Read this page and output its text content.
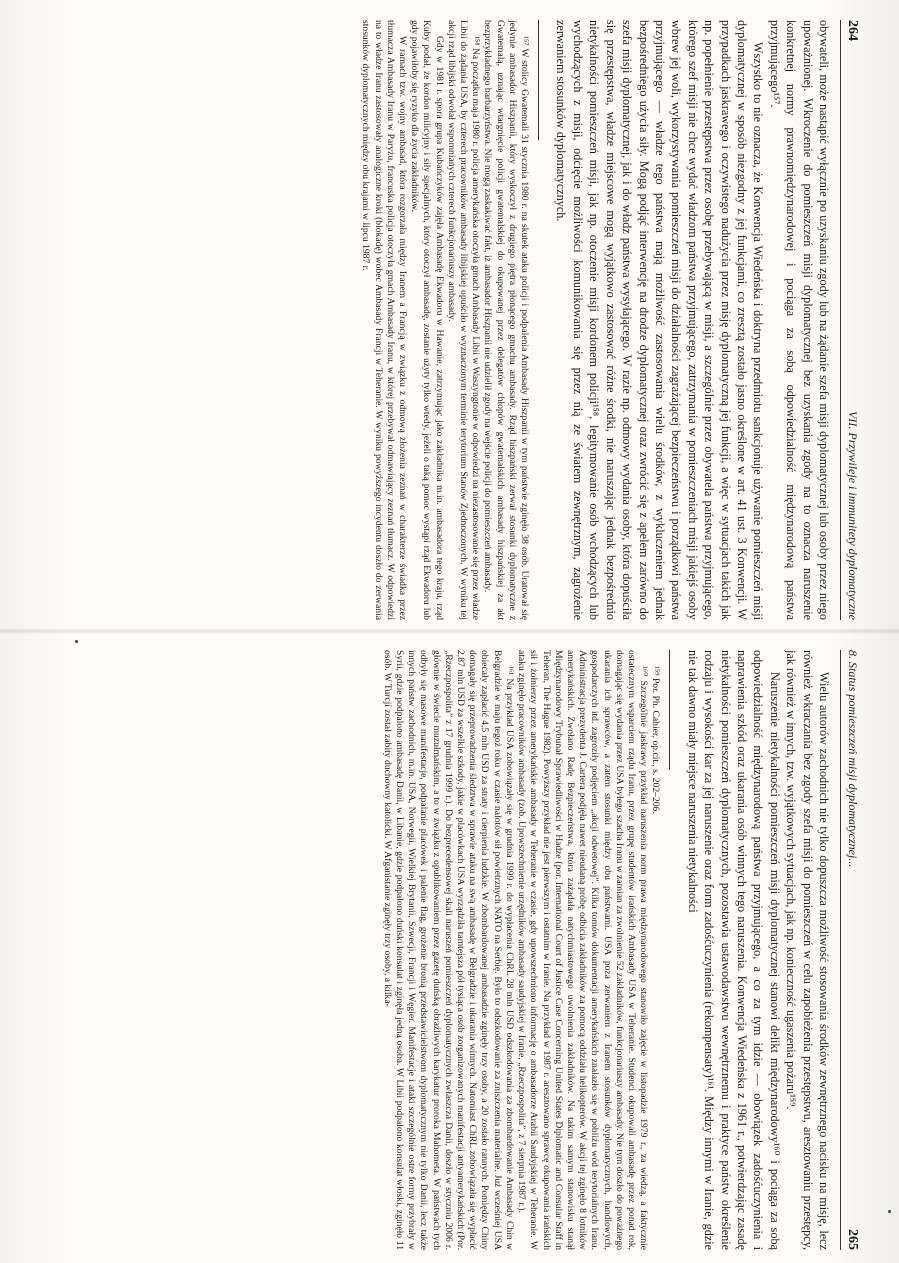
264
VII. Przywileje i immunitety dyplomatyczne

obywateli, może nastąpić wyłącznie po uzyskaniu zgody lub na żądanie szefa misji dyplomatycznej lub osoby przez niego upoważnionej. Wkroczenie do pomieszczeń misji dyplomatycznej bez uzyskania zgody na to oznacza naruszenie konkretnej normy prawnomiędzynarodowej i pociąga za sobą odpowiedzialność międzynarodową państwa przyjmującego¹⁵⁷.

Wszystko to nie oznacza, że Konwencja Wiedeńska i doktryna przedmiotu sankcjonuje używanie pomieszczeń misji dyplomatycznej w sposób niezgodny z jej funkcjami, co zresztą zostało jasno określone w art. 41 ust. 3 Konwencji. W przypadkach jaskrawego i oczywistego nadużycia przez misję dyplomatyczną jej funkcji, a więc w sytuacjach takich jak np. popełnienie przestępstwa przez osobę przebywającą w misji, a szczególnie przez obywatela państwa przyjmującego, którego szef misji nie chce wydać władzom państwa przyjmującego, zatrzymania w pomieszczeniach misji jakiejś osoby wbrew jej woli, wykorzystywania pomieszczeń misji do działalności zagrażającej bezpieczeństwu i porządkowi państwa przyjmującego — władze tego państwa mają możliwość zastosowania wielu środków, z wykluczeniem jednak bezpośredniego użycia siły. Mogą podjąć interwencję na drodze dyplomatycznej oraz zwrócić się z apelem zarówno do szefa misji dyplomatycznej, jak i do władz państwa wysyłającego. W razie np. odmowy wydania osoby, która dopuściła się przestępstwa, władze miejscowe mogą wyjątkowo zastosować różne środki, nie naruszając jednak bezpośrednio nietykalności pomieszczeń misji, jak np. otoczenie misji kordonem policji¹⁵⁸, legitymowanie osób wchodzących lub wychodzących z misji, odcięcie możliwości komunikowania się przez nią ze światem zewnętrznym, zagrożenie zerwaniem stosunków dyplomatycznych.

¹⁵⁷ W stolicy Gwatemali 31 stycznia 1980 r. na skutek ataku policji i podpalenia Ambasady Hiszpanii w tym państwie zginęło 38 osób. Uratował się jedynie ambasador Hiszpanii, który wyskoczył z drugiego piętra płonącego gmachu ambasady. Rząd hiszpański zerwał stosunki dyplomatyczne z Gwatemalą, uznając wtargnięcie policji gwatemalskiej do okupowanej przez delegatów chłopów gwatemalskich ambasady hiszpańskiej za akt bezprzykładnego barbarzyństwa. Nie mogą zaskakiwać fakt, iż ambasador Hiszpanii nie udzielił zgody na wejście policji do pomieszczeń ambasady.

¹⁵⁸ Na początku maja 1980 r. policja amerykańska otoczyła gmach Ambasady Libii w Waszyngtonie w odpowiedzi na niezastosowanie się przez władze Libii do żądania USA, by czterech pracowników ambasady libijskiej opuściło w wyznaczonym terminie terytorium Stanów Zjednoczonych. W wyniku tej akcji rząd libijski odwołał wspomnianych czterech funkcjonariuszy ambasady.

Gdy w 1981 r. spora grupa Kubańczyków zajęła Ambasadę Ekwadoru w Hawanie, zatrzymując jako zakładnika m.in. ambasadora tego kraju, rząd Kuby podał, że kordon milicyjny i siły specjalnych, który otoczył ambasadę, zostanie użyty tylko wtedy, jeżeli o taką pomoc wystąpi rząd Ekwadoru lub gdy pojawiłoby się ryzyko dla życia zakładników.

W ramach tzw. wojny ambasad, która rozgorzała między Iranem a Francją w związku z odmową złożenia zeznań w charakterze świadka przez tłumacza Ambasady Iranu w Paryżu, francuska policja otoczyła gmach Ambasady Iranu, w której przebywał odmawiający zeznań tłumacz. W odpowiedzi na to władze Iranu zastosowały analogiczne kroki (blokadę) wobec Ambasady Francji w Teheranie. W wyniku powyższego incydentu doszło do zerwania stosunków dyplomatycznych między obu krajami w lipcu 1987 r.

8. Status pomieszczeń misji dyplomatycznej...
265

Wielu autorów zachodnich nie tylko dopuszcza możliwość stosowania środków zewnętrznego nacisku na misję, lecz również wkraczania bez zgody szefa misji do pomieszczeń w celu zapobieżenia przestępstwu, aresztowaniu przestępcy, jak również w innych, tzw. wyjątkowych sytuacjach, jak np. konieczność ugaszenia pożaru¹⁵⁹.

Naruszenie nietykalności pomieszczeń misji dyplomatycznej stanowi delikt międzynarodowy¹⁶⁰ i pociąga za sobą odpowiedzialność międzynarodową państwa przyjmującego, a co za tym idzie — obowiązek zadośćuczynienia i naprawienia szkód oraz ukarania osób winnych tego naruszenia. Konwencja Wiedeńska z 1961 r., potwierdzając zasadę nietykalności pomieszczeń dyplomatycznych, pozostawia ustawodawstwu wewnętrznemu i praktyce państw określenie rodzaju i wysokości kar za jej naruszenie oraz form zadośćuczynienia (rekompensaty)¹⁶¹. Między innymi w Iranie, gdzie nie tak dawno miały miejsce naruszenia nietykalności

¹⁵⁹ Por. Ph. Cahier, op.cit., s. 202–206.

¹⁶⁰ Szczególnie jaskrawy przykład naruszenia norm prawa międzynarodowego stanowiło zajęcie w listopadzie 1979 r., za wiedzą, a faktycznie ostatecznym wsparciem rządu Iranu, przez grupę studentów irańskich Ambasady USA w Teheranie. Studenci okupowali ambasadę przez ponad rok, domagając się wydania przez USA byłego szacha Iranu w zamian za zwolnienie 52 zakładników, funkcjonariuszy ambasady. Nie tym doszło do poważnego ukarania ich sprawców, a zatem stosunki między obu państwami. USA poza zerwaniem z Iranem stosunków dyplomatycznych, handlowych, gospodarczych itd. zagroziły podjęciem „akcji odwetowej”. Kilka tomów dokumentacji amerykańskich znalazło się w pobliżu wód terytorialnych Iranu. Administracja prezydenta J. Cartera podjęła nawet nieudaną próbę odbicia zakładników za pomocą oddziału helikopterów. W akcji tej zginęło 8 lotników amerykańskich. Zwołano Radę Bezpieczeństwa, która zażądała natychmiastowego uwolnienia zakładników. Na takim samym stanowisku stanął Międzynarodowy Trybunał Sprawiedliwości w Hadze (por. International Court of Justice Case Concerning United States Diplomatic and Consular Staff in Teheran, The Hague 1982). Powyższy przykład nie jest pierwszym i ostatnim w Iranie. Na przykład w 1987 r. aresztowano sprawcę okupowania irańskich sił i żołnierzy przez amerykańskie ambasady w Teheranie w czasie, gdy upowszechniono informację o ambasadorze Arabii Saudyjskiej w Teheranie. W ataku zginęło pracowników ambasady (zob. Upowszechnienie urzędników ambasady saudyjskiej w Iranie, „Rzeczpospolita”, z 7 sierpnia 1987 r.).

¹⁶¹ Na przykład USA zobowiązały się w grudnia 1999 r. do wypłacenia ChRL 28 mln USD odszkodowania za zbombardowanie Ambasady Chin w Belgradzie w maju tegoż roku w czasie nalotów sił powietrznych NATO na Serbię. Było to odszkodowanie za zniszczenia materialne. Już wcześniej USA obiecały zapłacić 4,5 mln USD za straty i cierpienia ludzkie. W zbombardowanej ambasadzie zginęły trzy osoby, a 20 zostało rannych. Pomiędzy Chiny domagały się przeprowadzenia śledztwa w sprawie ataku na swą ambasadę w Belgradzie i ukarania winnych. Natomiast ChRL zobowiązała się wypłacić 2,87 mln USD za wszelkie szkody, jakie w placówkach USA wyrządziła tamtejsza pół tysiąca osób zorganizowanych manifestacji antyamerykańskich (Por. „Rzeczpospolita” z 17 grudnia 1999 r.). Do bezprecedensowej skali naruszeń pomieszczeń dyplomatycznych zwłaszcza Danii, doszło w styczniu 2006 r. głównie w świecie muzułmańskim, a to w związku z opublikowaniem przez gazetę duńską obraźliwych karykatur proroka Mahometa. W państwach tych odbyły się masowe manifestacje, podpalanie placówek i palenie flag, grożenie bronią przedstawicielstwom dyplomatycznym nie tylko Danii, lecz także innych państw zachodnich, m.in. USA, Norwegii, Wielkiej Brytanii, Szwecji, Francji i Węgier. Manifestacje i ataki szczególnie ostre formy przybrały w Syrii, gdzie podpalono ambasadę Danii, w Libanie, gdzie podpalono duński konsulat i zginęła jedna osoba. W Libii podpalono konsulat włoski, zginęło 11 osób. W Turcji został zabity duchowny katolicki. W Afganistanie zginęły trzy osoby, a kilka-
